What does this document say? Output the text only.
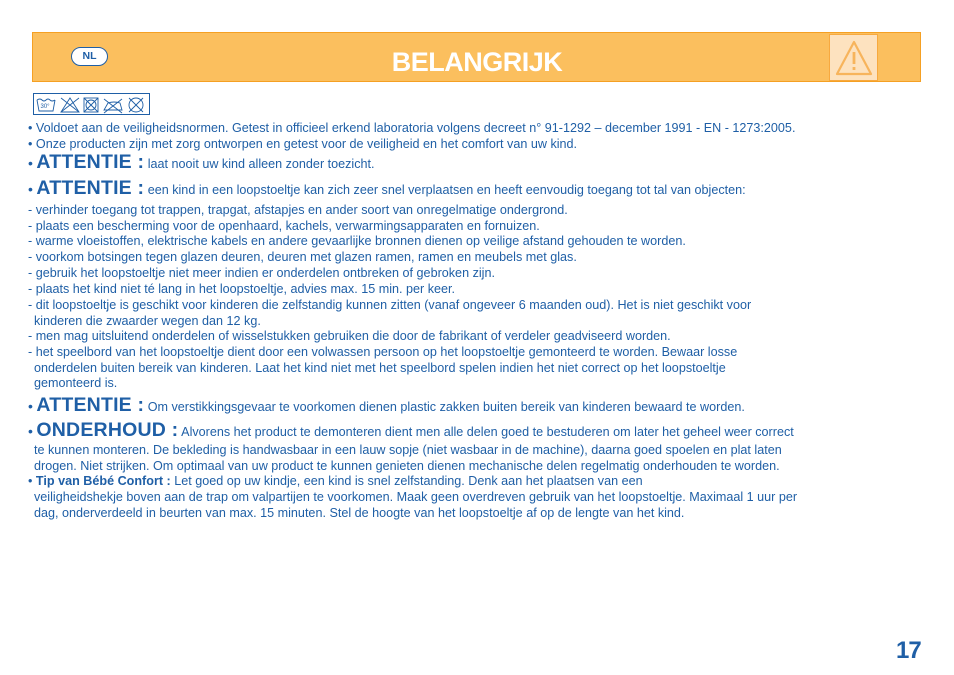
NL	BELANGRIJK
30°
• Voldoet aan de veiligheidsnormen. Getest in officieel erkend laboratoria volgens decreet n° 91-1292 – december 1991 - EN - 1273:2005.
• Onze producten zijn met zorg ontworpen en getest voor de veiligheid en het comfort van uw kind.
• ATTENTIE : laat nooit uw kind alleen zonder toezicht.
• ATTENTIE : een kind in een loopstoeltje kan zich zeer snel verplaatsen en heeft eenvoudig toegang tot tal van objecten:
- verhinder toegang tot trappen, trapgat, afstapjes en ander soort van onregelmatige ondergrond.
- plaats een bescherming voor de openhaard, kachels, verwarmingsapparaten en fornuizen.
- warme vloeistoffen, elektrische kabels en andere gevaarlijke bronnen dienen op veilige afstand gehouden te worden.
- voorkom botsingen tegen glazen deuren, deuren met glazen ramen, ramen en meubels met glas.
- gebruik het loopstoeltje niet meer indien er onderdelen ontbreken of gebroken zijn.
- plaats het kind niet té lang in het loopstoeltje, advies max. 15 min. per keer.
- dit loopstoeltje is geschikt voor kinderen die zelfstandig kunnen zitten (vanaf ongeveer 6 maanden oud). Het is niet geschikt voor
kinderen die zwaarder wegen dan 12 kg.
- men mag uitsluitend onderdelen of wisselstukken gebruiken die door de fabrikant of verdeler geadviseerd worden.
- het speelbord van het loopstoeltje dient door een volwassen persoon op het loopstoeltje gemonteerd te worden. Bewaar losse
onderdelen buiten bereik van kinderen. Laat het kind niet met het speelbord spelen indien het niet correct op het loopstoeltje
gemonteerd is.
• ATTENTIE : Om verstikkingsgevaar te voorkomen dienen plastic zakken buiten bereik van kinderen bewaard te worden.
• ONDERHOUD : Alvorens het product te demonteren dient men alle delen goed te bestuderen om later het geheel weer correct
te kunnen monteren. De bekleding is handwasbaar in een lauw sopje (niet wasbaar in de machine), daarna goed spoelen en plat laten
drogen. Niet strijken. Om optimaal van uw product te kunnen genieten dienen mechanische delen regelmatig onderhouden te worden.
• Tip van Bébé Confort : Let goed op uw kindje, een kind is snel zelfstanding. Denk aan het plaatsen van een
veiligheidshekje boven aan de trap om valpartijen te voorkomen. Maak geen overdreven gebruik van het loopstoeltje. Maximaal 1 uur per
dag, onderverdeeld in beurten van max. 15 minuten. Stel de hoogte van het loopstoeltje af op de lengte van het kind.
17
